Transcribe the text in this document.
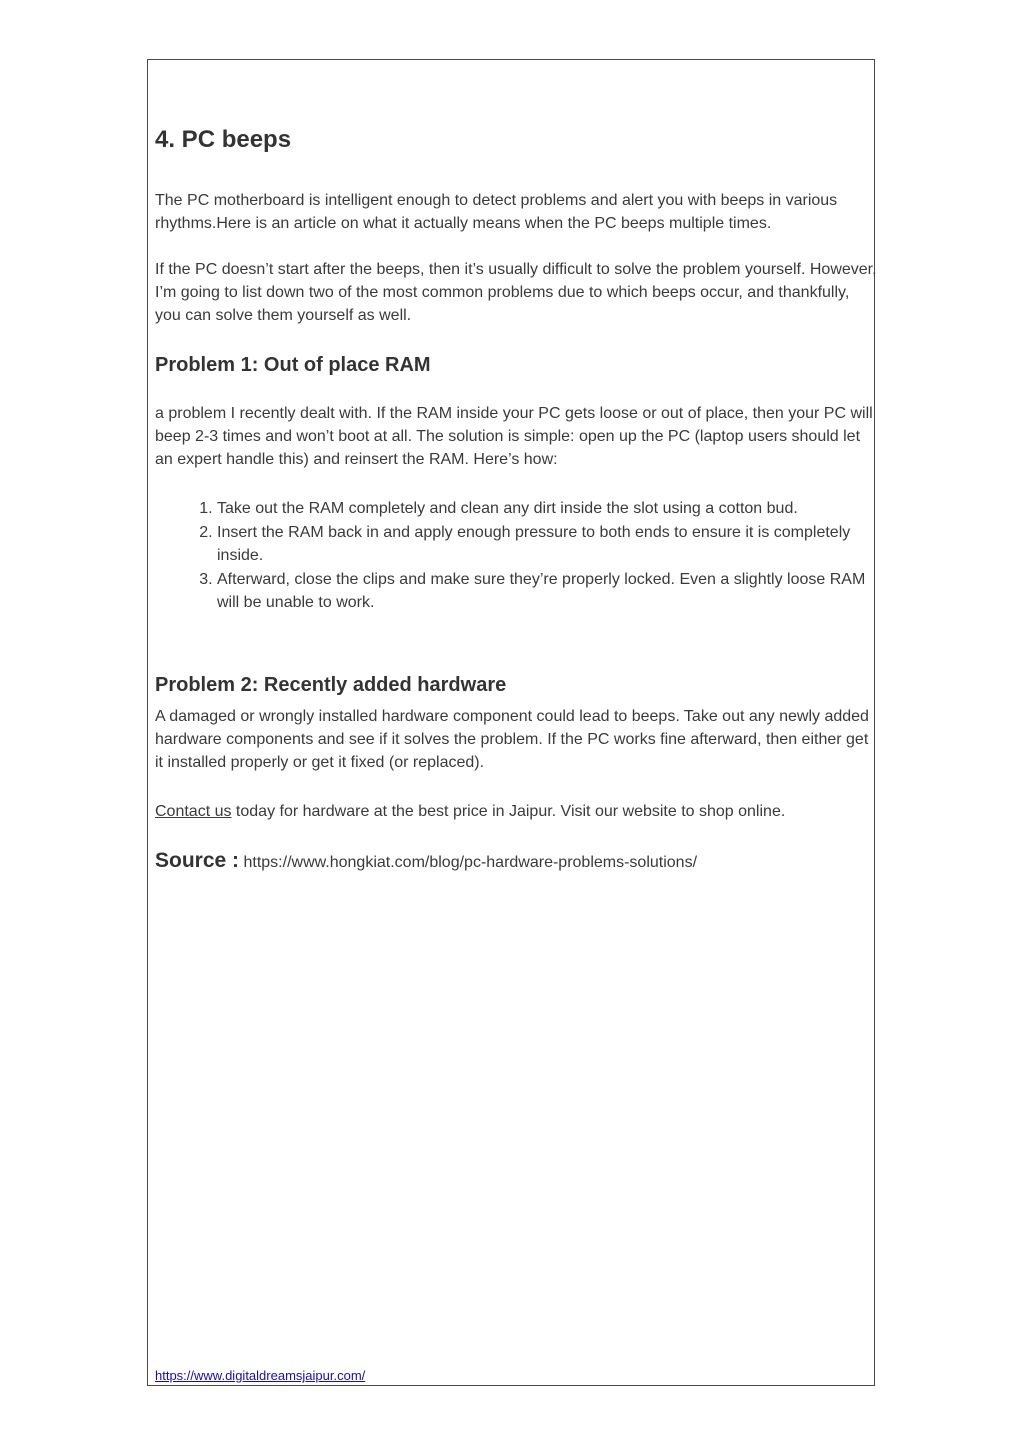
4. PC beeps

The PC motherboard is intelligent enough to detect problems and alert you with beeps in various rhythms.Here is an article on what it actually means when the PC beeps multiple times.

If the PC doesn’t start after the beeps, then it’s usually difficult to solve the problem yourself. However, I’m going to list down two of the most common problems due to which beeps occur, and thankfully, you can solve them yourself as well.

Problem 1: Out of place RAM

a problem I recently dealt with. If the RAM inside your PC gets loose or out of place, then your PC will beep 2-3 times and won’t boot at all. The solution is simple: open up the PC (laptop users should let an expert handle this) and reinsert the RAM. Here’s how:

1. Take out the RAM completely and clean any dirt inside the slot using a cotton bud.
2. Insert the RAM back in and apply enough pressure to both ends to ensure it is completely inside.
3. Afterward, close the clips and make sure they’re properly locked. Even a slightly loose RAM will be unable to work.
Problem 2: Recently added hardware

A damaged or wrongly installed hardware component could lead to beeps. Take out any newly added hardware components and see if it solves the problem. If the PC works fine afterward, then either get it installed properly or get it fixed (or replaced).

Contact us today for hardware at the best price in Jaipur. Visit our website to shop online.

Source : https://www.hongkiat.com/blog/pc-hardware-problems-solutions/
https://www.digitaldreamsjaipur.com/
